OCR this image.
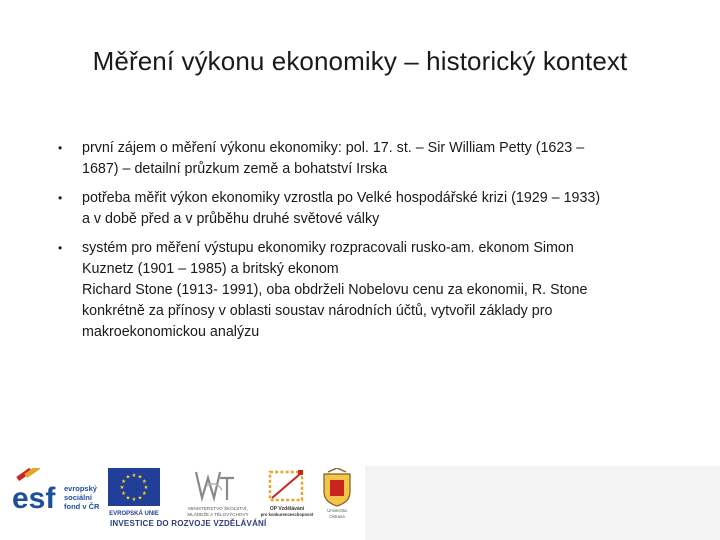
Měření výkonu ekonomiky – historický kontext
•	první zájem o měření výkonu ekonomiky: pol. 17. st. – Sir William Petty (1623 –
1687) – detailní průzkum země a bohatství Irska
•	potřeba měřit výkon ekonomiky vzrostla po Velké hospodářské krizi (1929 – 1933)
a v době před a v průběhu druhé světové války
•	systém pro měření výstupu ekonomiky rozpracovali rusko-am. ekonom Simon
Kuznetz (1901 – 1985) a britský ekonom
Richard Stone (1913- 1991), oba obdrželi Nobelovu cenu za ekonomii, R. Stone
konkrétně za přínosy v oblasti soustav národních účtů, vytvořil základy pro
makroekonomickou analýzu
esf evropský
sociální
fond v ČR
★ ★
★
★
★
★
★
★
★
★
★
★
EVROPSKÁ UNIE
MINISTERSTVO ŠKOLSTVÍ,
MLÁDEŽE A TĚLOVÝCHOVY
OP Vzdělávání
pro konkurenceschopnost
Univerzita
Ostrava
INVESTICE DO ROZVOJE VZDĚLÁVÁNÍ
